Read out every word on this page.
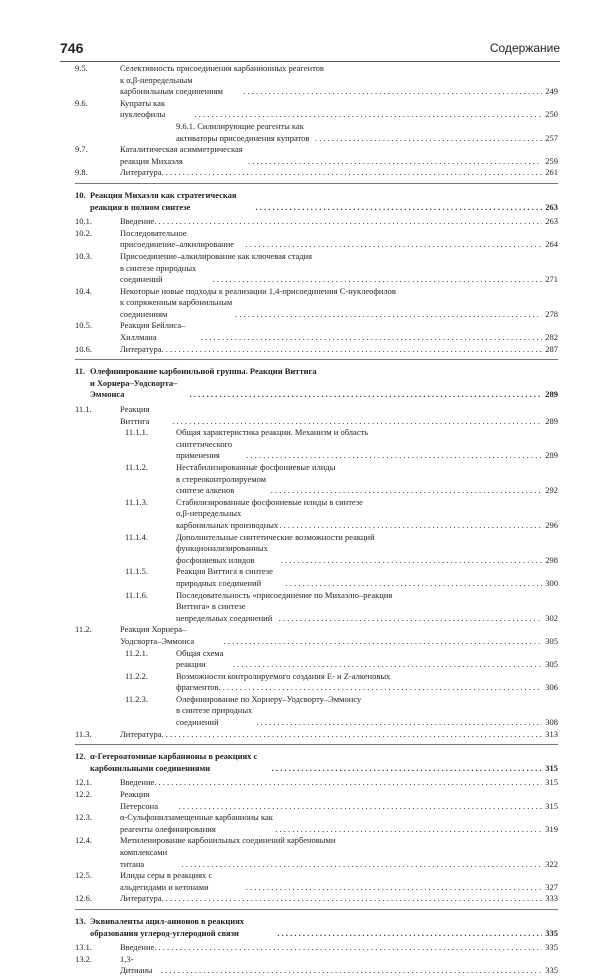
746	Содержание
9.5.	Селективность присоединения карбанионных реагентов
к α,β-непредельным карбонильным соединениям . . .	249
9.6.	Купраты как нуклеофилы . . .	250
9.6.1. Силилирующие реагенты как активаторы присоединения купратов . . .	257
9.7.	Каталитическая асимметрическая реакция Михаэля . . .	259
9.8.	Литература . . .	261
10. Реакция Михаэля как стратегическая реакция в полном синтезе . . .	263
10.1.	Введение . . .	263
10.2.	Последовательное присоединение–алкилирование . . .	264
10.3.	Присоединение–алкилирование как ключевая стадия
в синтезе природных соединений . . .	271
10.4.	Некоторые новые подходы к реализации 1,4-присоединения С-нуклеофилов
к сопряженным карбонильным соединениям . . .	278
10.5.	Реакция Бейлиса–Хиллмана . . .	282
10.6.	Литература . . .	287
11. Олефинирование карбонильной группы. Реакции Виттига
и Хорнера–Уодсворта–Эммонса . . .	289
11.1.	Реакция Виттига . . .	289
11.1.1.	Общая характеристика реакции. Механизм и область
синтетического применения . . .	289
11.1.2.	Нестабилизированные фосфониевые илиды
в стереоконтролируемом синтезе алкенов . . .	292
11.1.3.	Стабилизированные фосфониевые илиды в синтезе
α,β-непредельных карбонильных производных . . .	296
11.1.4.	Дополнительные синтетические возможности реакций
функционализированных фосфониевых илидов . . .	298
11.1.5.	Реакция Виттига в синтезе природных соединений . . .	300
11.1.6.	Последовательность «присоединение по Михаэлю–реакция
Виттига» в синтезе непредельных соединений . . .	302
11.2.	Реакция Хорнера–Уодсворта–Эммонса . . .	305
11.2.1.	Общая схема реакции . . .	305
11.2.2.	Возможности контролируемого создания E- и Z-алкеновых
фрагментов . . .	306
11.2.3.	Олефинирование по Хорнеру–Уодсворту–Эммонсу
в синтезе природных соединений . . .	308
11.3.	Литература . . .	313
12. α-Гетероатомные карбанионы в реакциях с карбонильными соединениями . . .	315
12.1.	Введение . . .	315
12.2.	Реакция Петерсона . . .	315
12.3.	α-Сульфонилзамещенные карбанионы как реагенты олефинирования . . .	319
12.4.	Метиленирование карбонильных соединений карбеновыми
комплексами титана . . .	322
12.5.	Илиды серы в реакциях с альдегидами и кетонами . . .	327
12.6.	Литература . . .	333
13. Эквиваленты ацил-анионов в реакциях образования углерод-углеродной связи . . .	335
13.1.	Введение . . .	335
13.2.	1,3-Дитианы . . .	335
